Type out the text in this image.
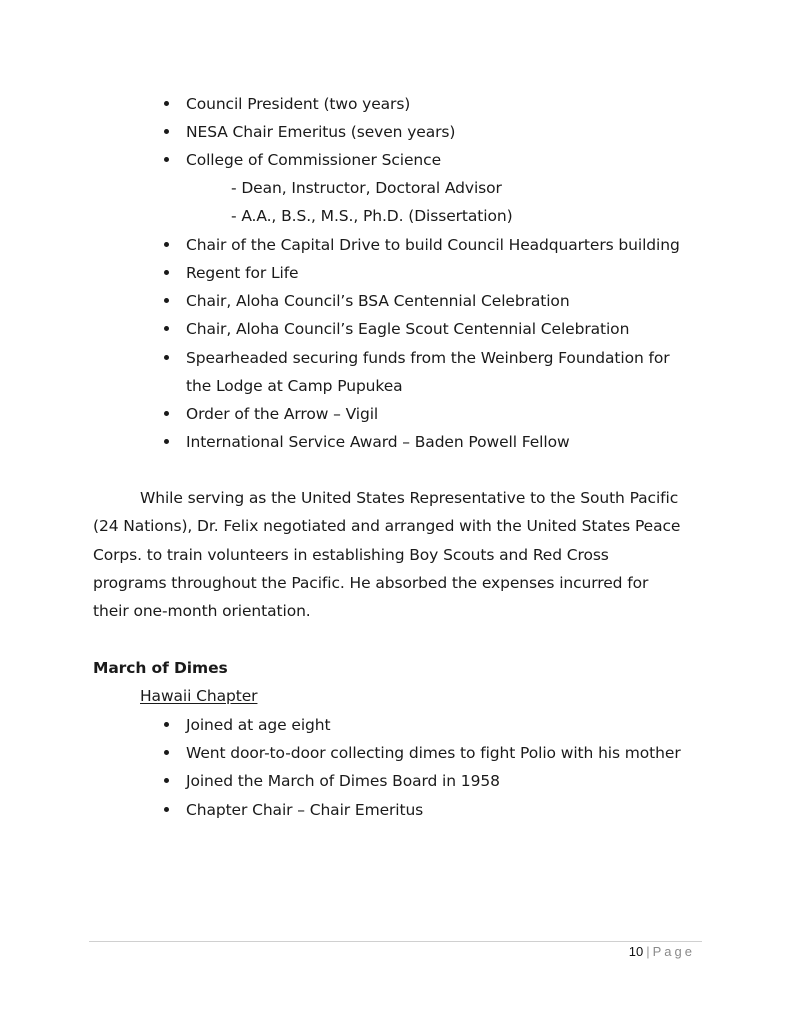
Council President (two years)
NESA Chair Emeritus (seven years)
College of Commissioner Science
- Dean, Instructor, Doctoral Advisor
- A.A., B.S., M.S., Ph.D. (Dissertation)
Chair of the Capital Drive to build Council Headquarters building
Regent for Life
Chair, Aloha Council’s BSA Centennial Celebration
Chair, Aloha Council’s Eagle Scout Centennial Celebration
Spearheaded securing funds from the Weinberg Foundation for
the Lodge at Camp Pupukea
Order of the Arrow – Vigil
International Service Award – Baden Powell Fellow
While serving as the United States Representative to the South Pacific
(24 Nations), Dr. Felix negotiated and arranged with the United States Peace
Corps. to train volunteers in establishing Boy Scouts and Red Cross
programs throughout the Pacific. He absorbed the expenses incurred for
their one-month orientation.
March of Dimes
Hawaii Chapter
Joined at age eight
Went door-to-door collecting dimes to fight Polio with his mother
Joined the March of Dimes Board in 1958
Chapter Chair – Chair Emeritus
10 | Page
